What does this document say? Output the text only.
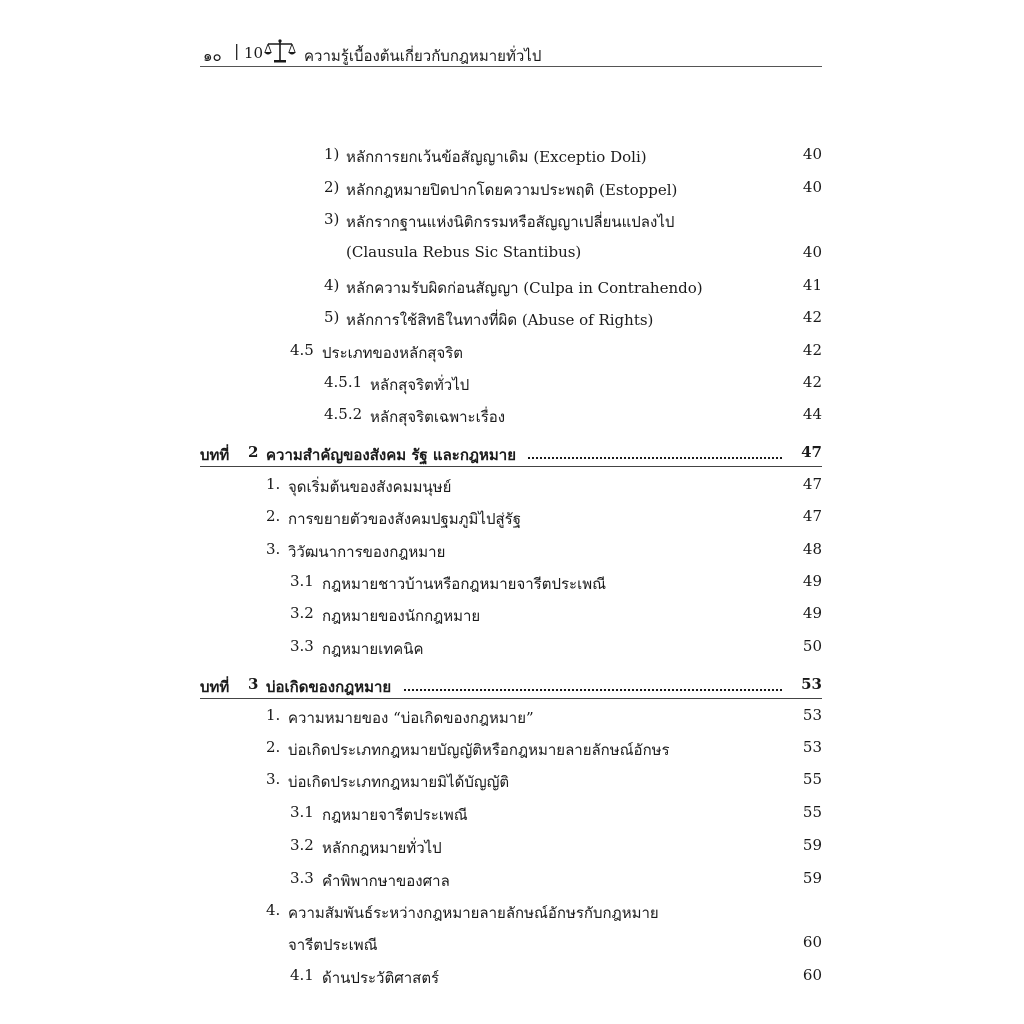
๑๐ | 10	ความรู้เบื้องต้นเกี่ยวกับกฎหมายทั่วไป
1) หลักการยกเว้นข้อสัญญาเดิม (Exceptio Doli)	40
2) หลักกฎหมายปิดปากโดยความประพฤติ (Estoppel)	40
3) หลักรากฐานแห่งนิติกรรมหรือสัญญาเปลี่ยนแปลงไป
(Clausula Rebus Sic Stantibus)	40
4) หลักความรับผิดก่อนสัญญา (Culpa in Contrahendo)	41
5) หลักการใช้สิทธิในทางที่ผิด (Abuse of Rights)	42
4.5 ประเภทของหลักสุจริต	42
4.5.1 หลักสุจริตทั่วไป	42
4.5.2 หลักสุจริตเฉพาะเรื่อง	44
บทที่ 2 ความสำคัญของสังคม รัฐ และกฎหมาย	47
1. จุดเริ่มต้นของสังคมมนุษย์	47
2. การขยายตัวของสังคมปฐมภูมิไปสู่รัฐ	47
3. วิวัฒนาการของกฎหมาย	48
3.1 กฎหมายชาวบ้านหรือกฎหมายจารีตประเพณี	49
3.2 กฎหมายของนักกฎหมาย	49
3.3 กฎหมายเทคนิค	50
บทที่ 3 บ่อเกิดของกฎหมาย	53
1. ความหมายของ “บ่อเกิดของกฎหมาย”	53
2. บ่อเกิดประเภทกฎหมายบัญญัติหรือกฎหมายลายลักษณ์อักษร	53
3. บ่อเกิดประเภทกฎหมายมิได้บัญญัติ	55
3.1 กฎหมายจารีตประเพณี	55
3.2 หลักกฎหมายทั่วไป	59
3.3 คำพิพากษาของศาล	59
4. ความสัมพันธ์ระหว่างกฎหมายลายลักษณ์อักษรกับกฎหมาย
จารีตประเพณี	60
4.1 ด้านประวัติศาสตร์	60
